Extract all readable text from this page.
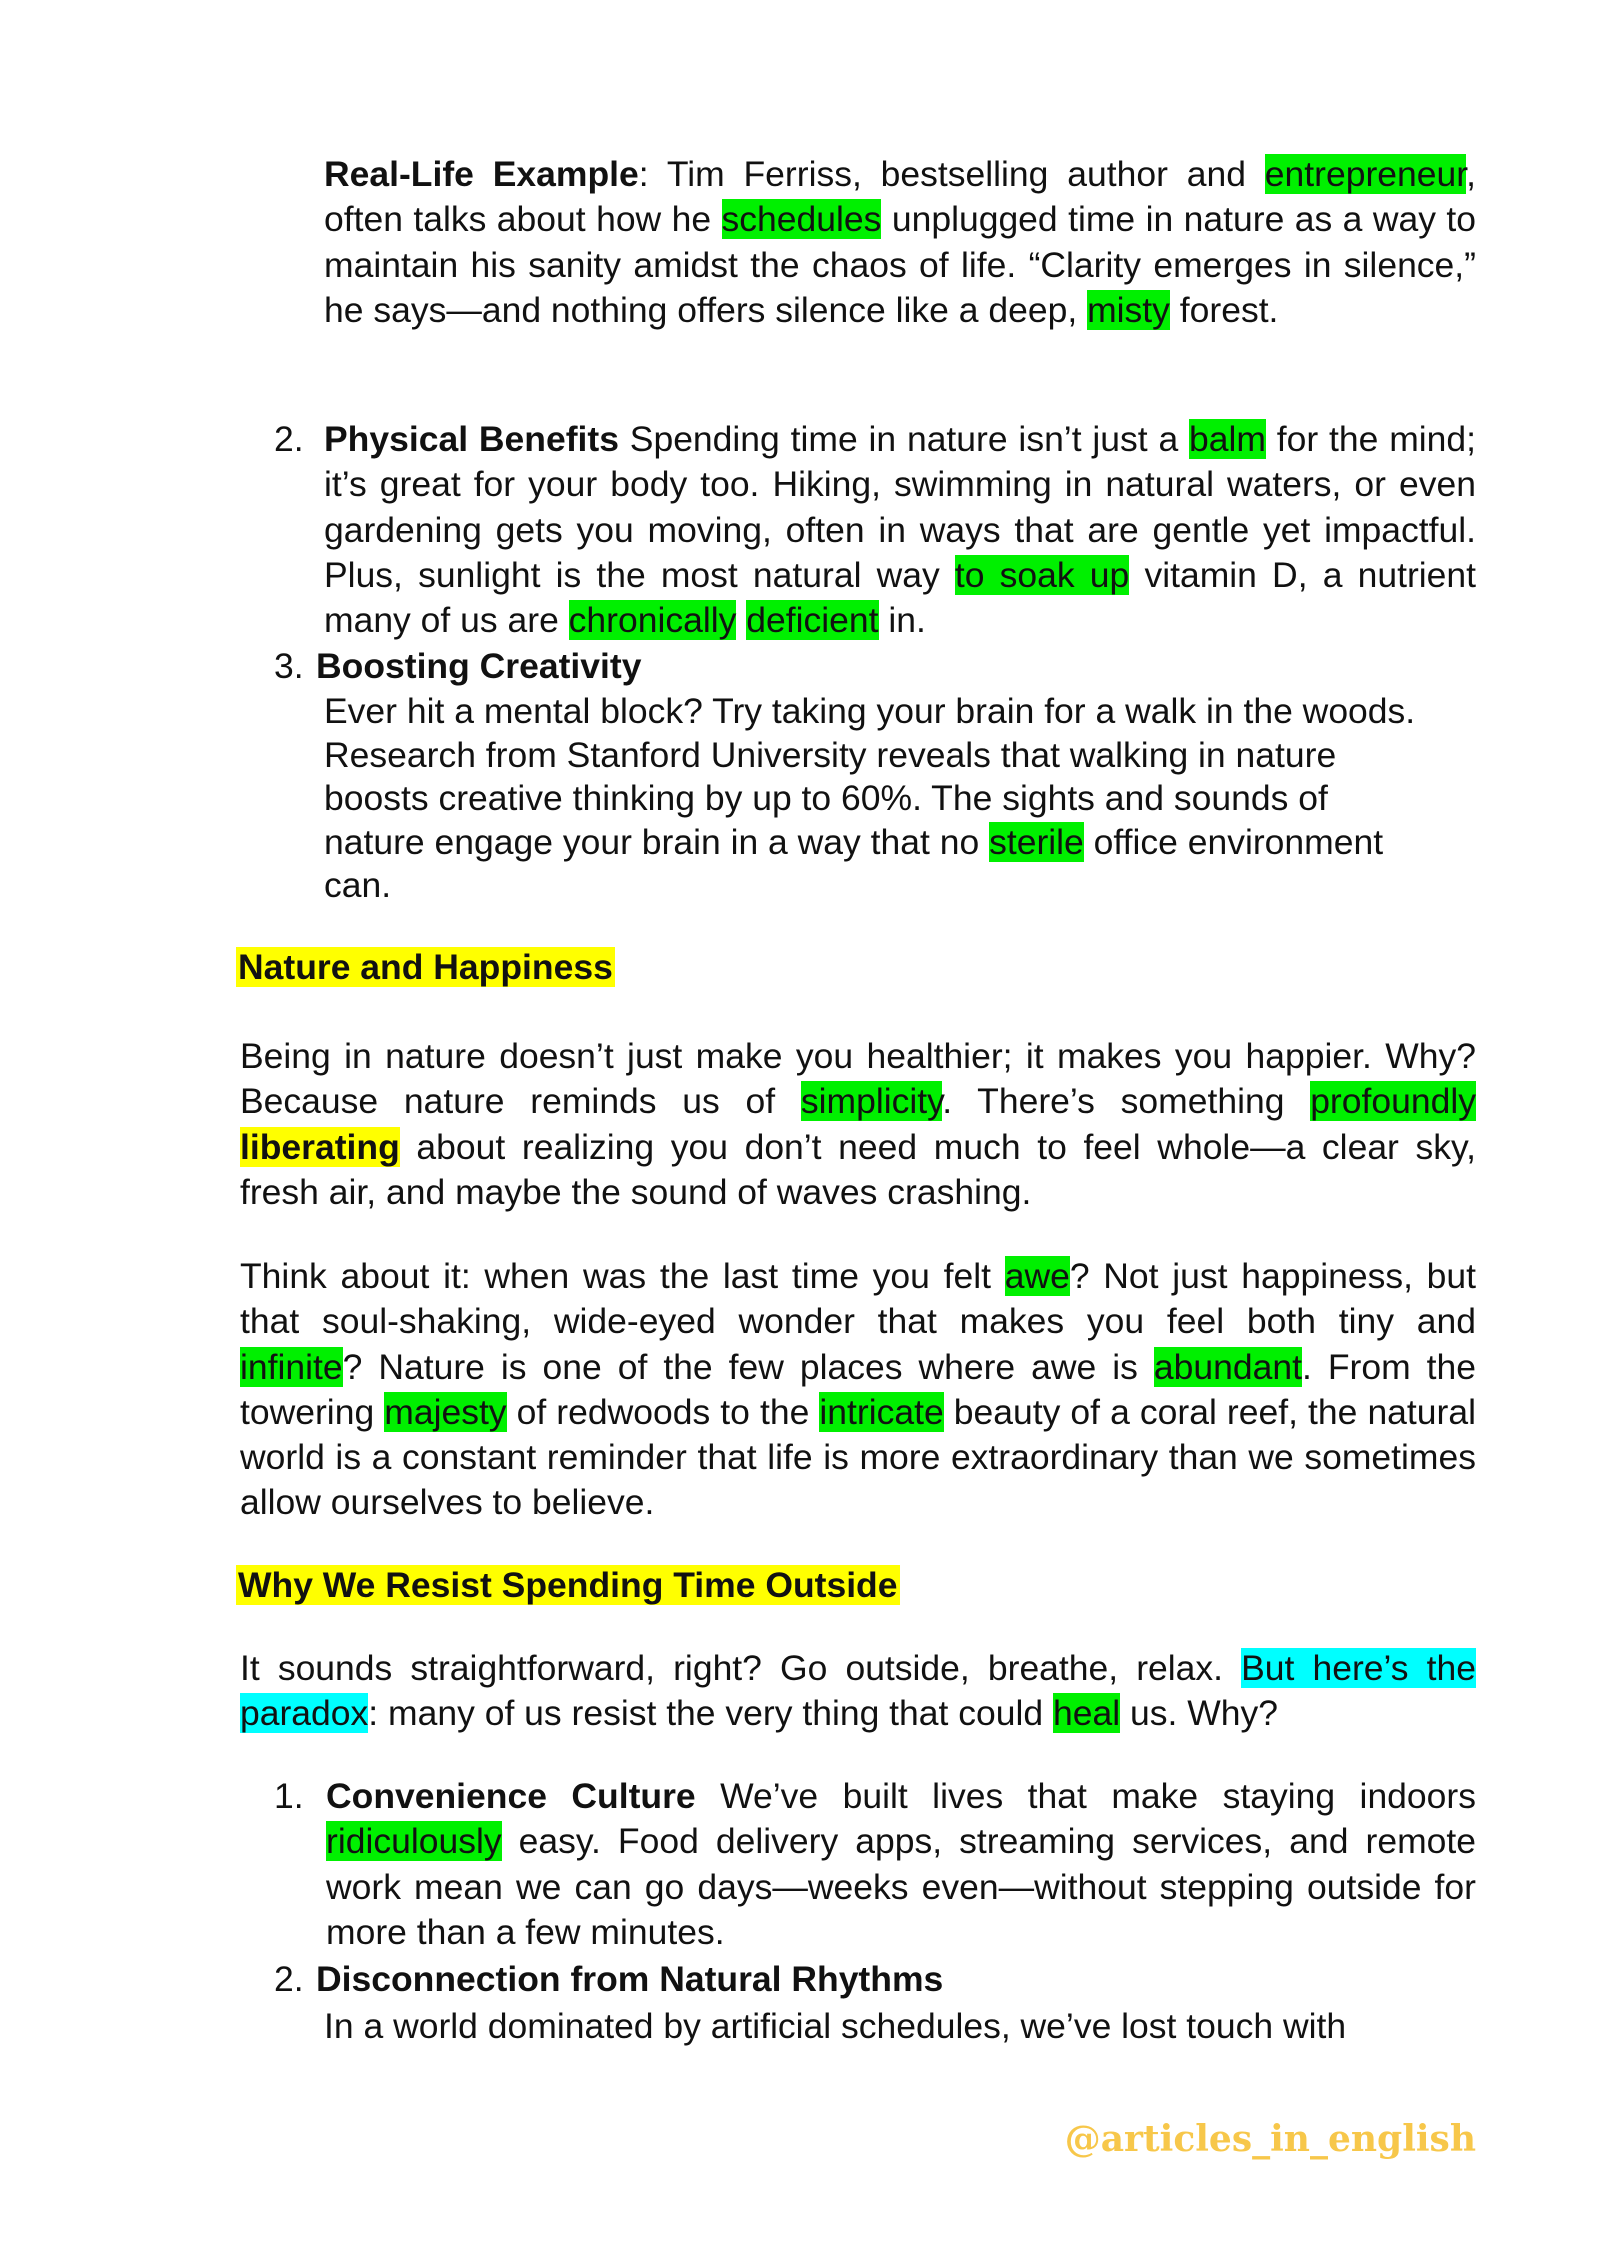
Real-Life Example: Tim Ferriss, bestselling author and entrepreneur, often talks about how he schedules unplugged time in nature as a way to maintain his sanity amidst the chaos of life. “Clarity emerges in silence,” he says—and nothing offers silence like a deep, misty forest.

2. Physical Benefits Spending time in nature isn’t just a balm for the mind; it’s great for your body too. Hiking, swimming in natural waters, or even gardening gets you moving, often in ways that are gentle yet impactful. Plus, sunlight is the most natural way to soak up vitamin D, a nutrient many of us are chronically deficient in.

3. Boosting Creativity
Ever hit a mental block? Try taking your brain for a walk in the woods.
Research from Stanford University reveals that walking in nature
boosts creative thinking by up to 60%. The sights and sounds of
nature engage your brain in a way that no sterile office environment
can.
Nature and Happiness

Being in nature doesn’t just make you healthier; it makes you happier. Why? Because nature reminds us of simplicity. There’s something profoundly liberating about realizing you don’t need much to feel whole—a clear sky, fresh air, and maybe the sound of waves crashing.

Think about it: when was the last time you felt awe? Not just happiness, but that soul-shaking, wide-eyed wonder that makes you feel both tiny and infinite? Nature is one of the few places where awe is abundant. From the towering majesty of redwoods to the intricate beauty of a coral reef, the natural world is a constant reminder that life is more extraordinary than we sometimes allow ourselves to believe.

Why We Resist Spending Time Outside

It sounds straightforward, right? Go outside, breathe, relax. But here’s the paradox: many of us resist the very thing that could heal us. Why?

1. Convenience Culture We’ve built lives that make staying indoors ridiculously easy. Food delivery apps, streaming services, and remote work mean we can go days—weeks even—without stepping outside for more than a few minutes.

2. Disconnection from Natural Rhythms
In a world dominated by artificial schedules, we’ve lost touch with
@articles_in_english
